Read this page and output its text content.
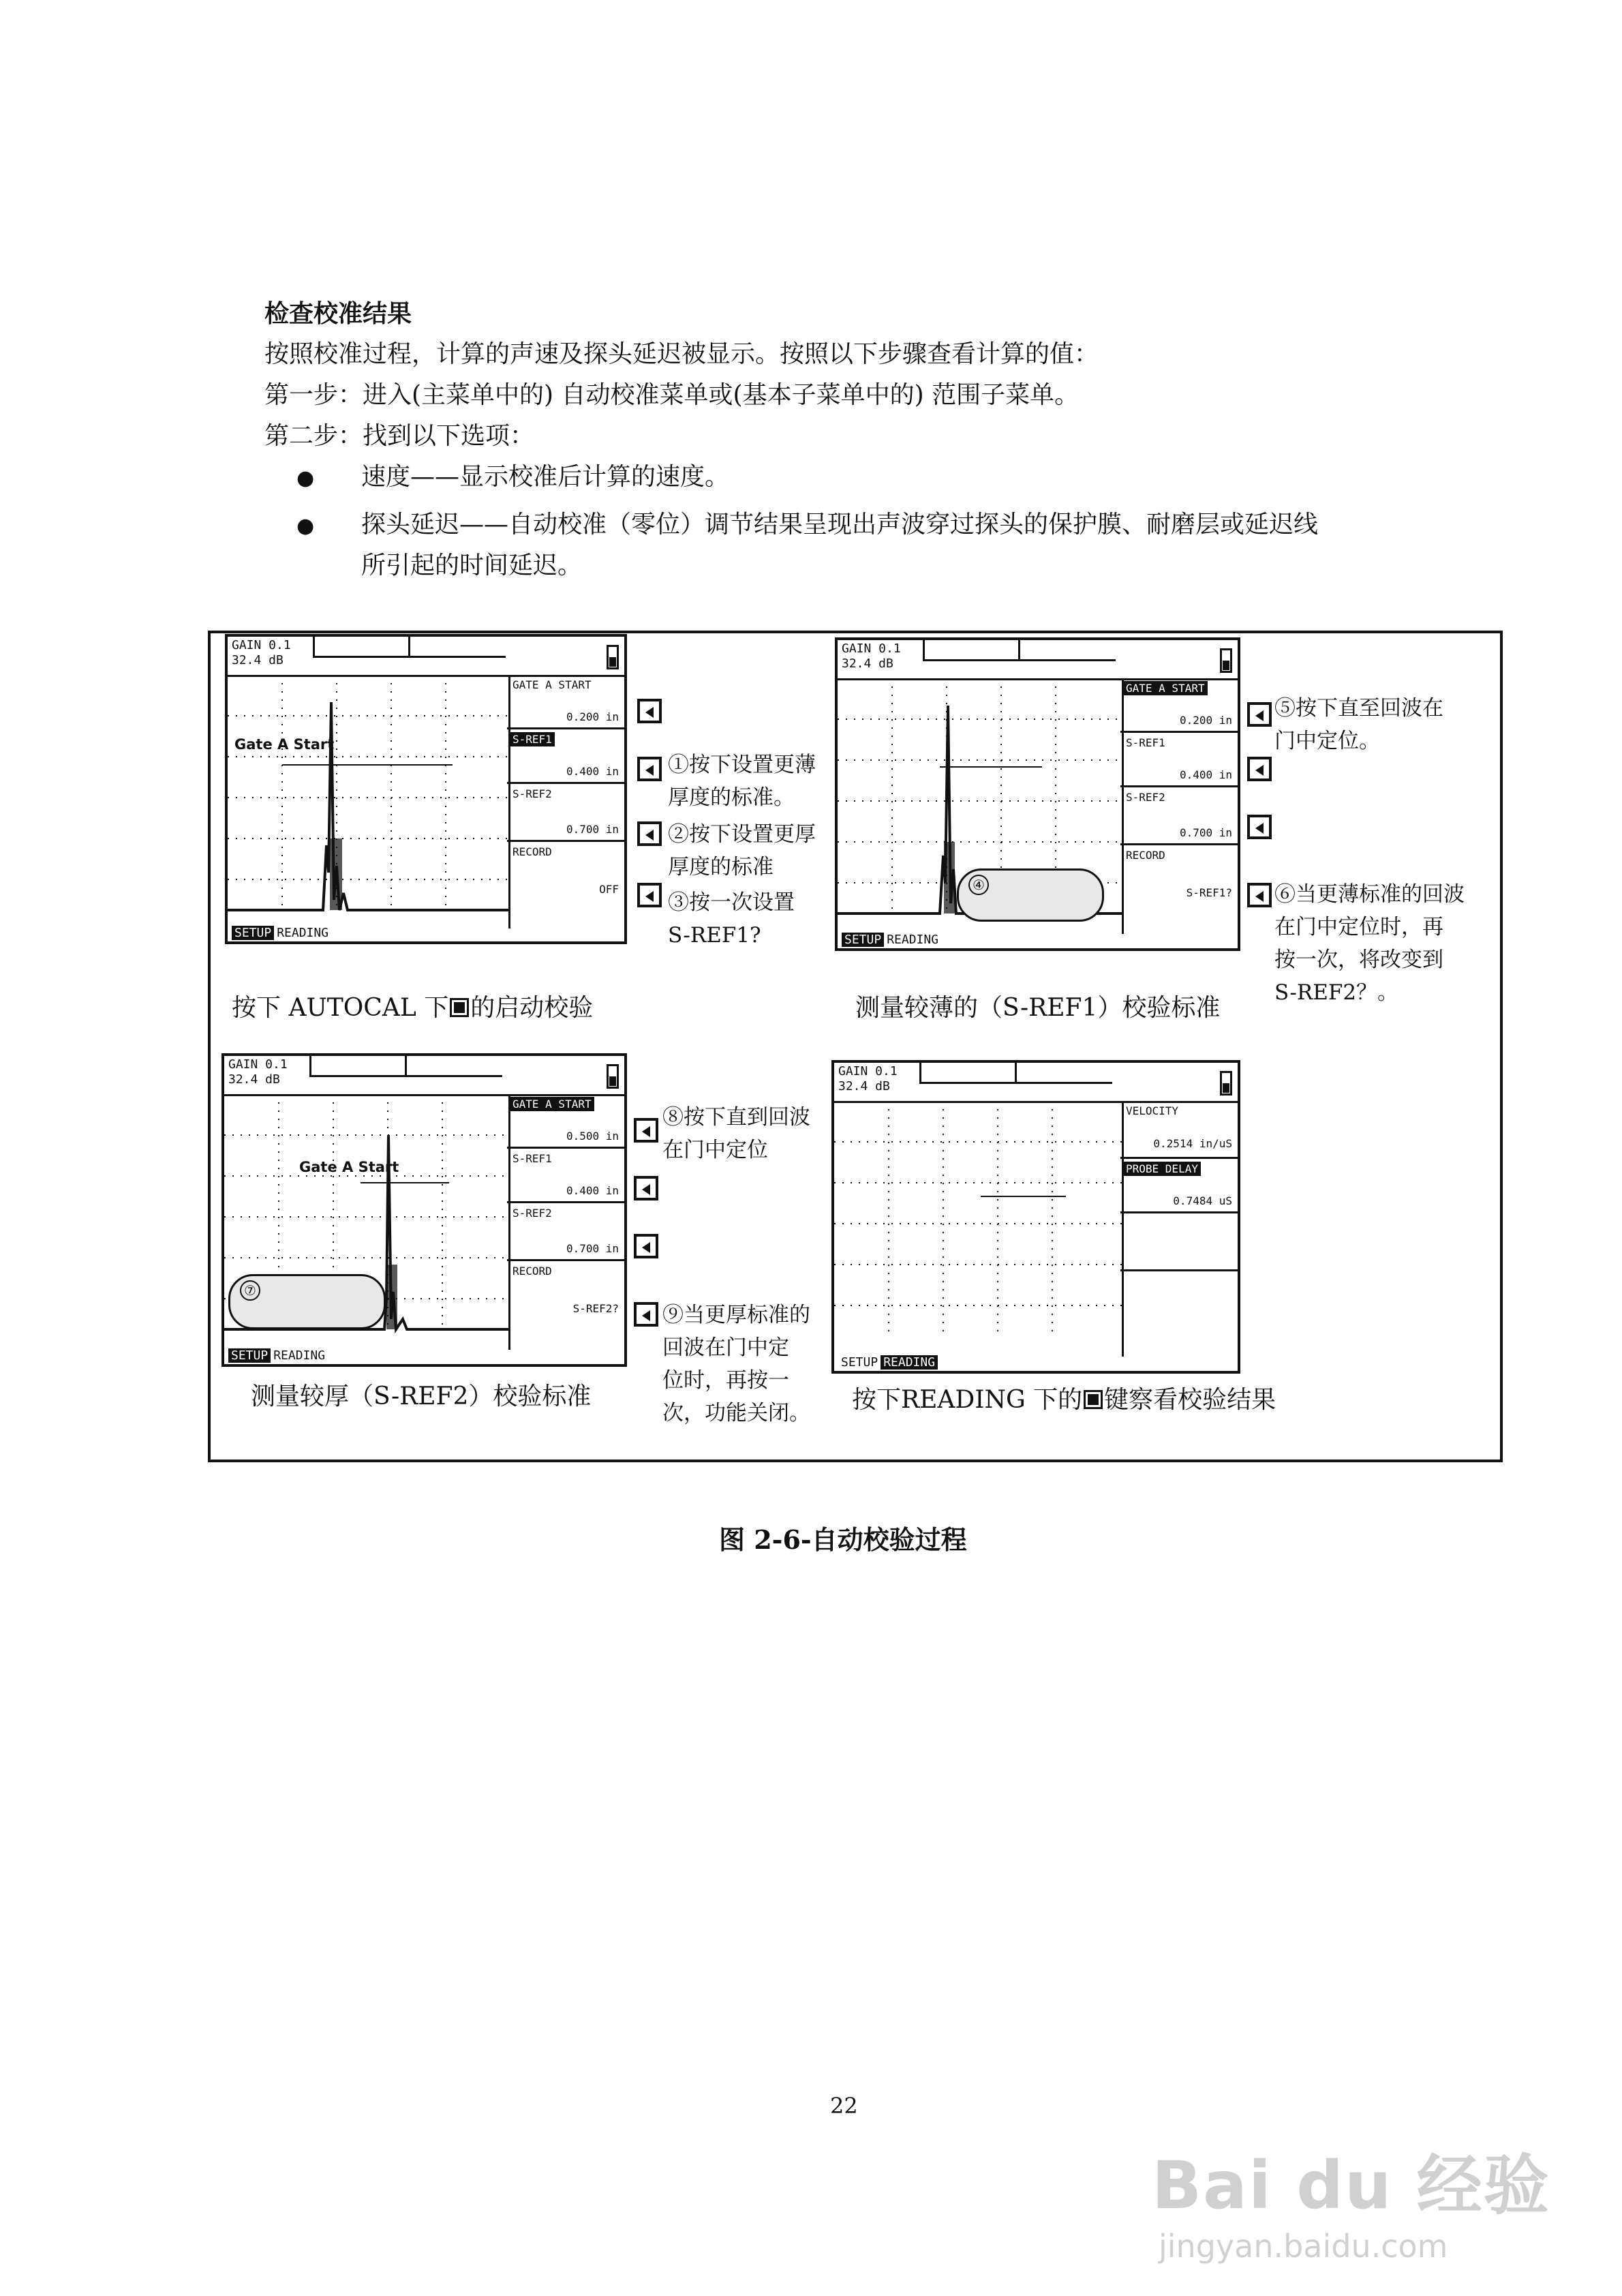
检查校准结果
按照校准过程，计算的声速及探头延迟被显示。按照以下步骤查看计算的值：
第一步：进入(主菜单中的) 自动校准菜单或(基本子菜单中的) 范围子菜单。
第二步：找到以下选项：
● 速度——显示校准后计算的速度。
● 探头延迟——自动校准（零位）调节结果呈现出声波穿过探头的保护膜、耐磨层或延迟线
所引起的时间延迟。
GAIN 0.1
32.4 dB
Gate A Start
GATE A START
0.200 in
S-REF1
0.400 in
S-REF2
0.700 in
RECORD
OFF
SETUP READING
①按下设置更薄
厚度的标准。
②按下设置更厚
厚度的标准
③按一次设置
S-REF1?
GAIN 0.1
32.4 dB
④
GATE A START
0.200 in
S-REF1
0.400 in
S-REF2
0.700 in
RECORD
S-REF1?
SETUP READING
⑤按下直至回波在
门中定位。
⑥当更薄标准的回波
在门中定位时，再
按一次，将改变到
S-REF2？。
按下 AUTOCAL 下 的启动校验	测量较薄的（S-REF1）校验标准
GAIN 0.1
32.4 dB
Gate A Start
⑦
GATE A START
0.500 in
S-REF1
0.400 in
S-REF2
0.700 in
RECORD
S-REF2?
SETUP READING
⑧按下直到回波
在门中定位
⑨当更厚标准的
回波在门中定
位时，再按一
次，功能关闭。
GAIN 0.1
32.4 dB
VELOCITY
0.2514 in/uS
PROBE DELAY
0.7484 uS
SETUP READING
测量较厚（S-REF2）校验标准	按下READING 下的 键察看校验结果
图 2-6-自动校验过程
22
Bai du 经验
jingyan.baidu.com
